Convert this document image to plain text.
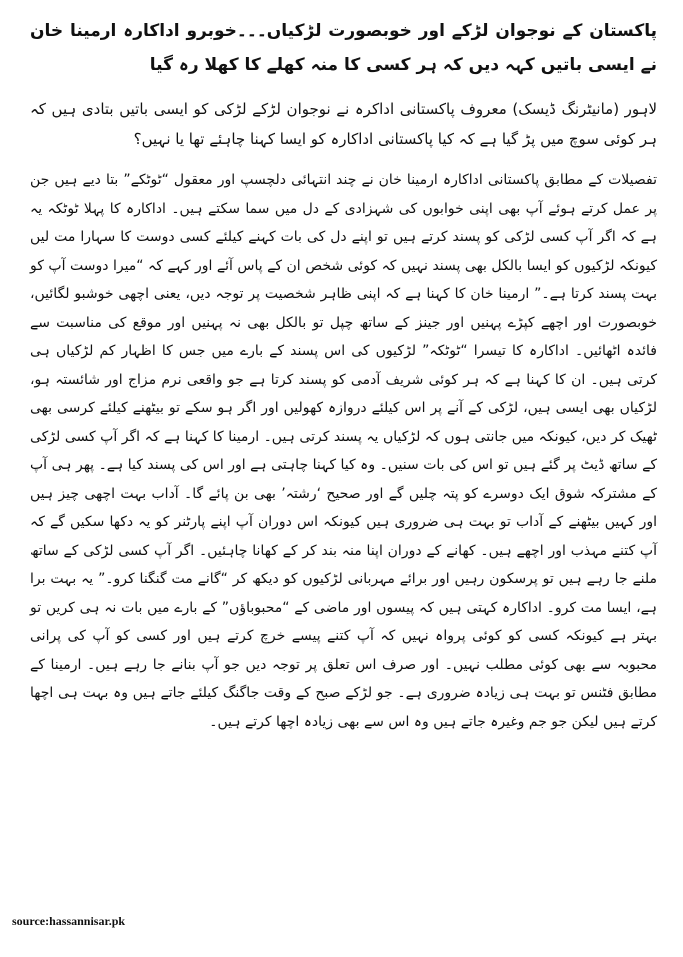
پاکستان کے نوجوان لڑکے اور خوبصورت لڑکیاں۔۔۔خوبرو اداکارہ ارمینا خان نے ایسی باتیں کہہ دیں کہ ہر کسی کا منہ کھلے کا کھلا رہ گیا

لاہور (مانیٹرنگ ڈیسک) معروف پاکستانی اداکرہ نے نوجوان لڑکے لڑکی کو ایسی باتیں بتادی ہیں کہ ہر کوئی سوچ میں پڑ گیا ہے کہ کیا پاکستانی اداکارہ کو ایسا کہنا چاہئے تھا یا نہیں؟

تفصیلات کے مطابق پاکستانی اداکارہ ارمینا خان نے چند انتہائی دلچسپ اور معقول “ٹوٹکے” بتا دیے ہیں جن پر عمل کرتے ہوئے آپ بھی اپنی خوابوں کی شہزادی کے دل میں سما سکتے ہیں۔ اداکارہ کا پہلا ٹوٹکہ یہ ہے کہ اگر آپ کسی لڑکی کو پسند کرتے ہیں تو اپنے دل کی بات کہنے کیلئے کسی دوست کا سہارا مت لیں کیونکہ لڑکیوں کو ایسا بالکل بھی پسند نہیں کہ کوئی شخص ان کے پاس آئے اور کہے کہ “میرا دوست آپ کو بہت پسند کرتا ہے۔” ارمینا خان کا کہنا ہے کہ اپنی ظاہر شخصیت پر توجہ دیں، یعنی اچھی خوشبو لگائیں، خوبصورت اور اچھے کپڑے پہنیں اور جینز کے ساتھ چپل تو بالکل بھی نہ پہنیں اور موقع کی مناسبت سے فائدہ اٹھائیں۔ اداکارہ کا تیسرا “ٹوٹکہ” لڑکیوں کی اس پسند کے بارے میں جس کا اظہار کم لڑکیاں ہی کرتی ہیں۔ ان کا کہنا ہے کہ ہر کوئی شریف آدمی کو پسند کرتا ہے جو واقعی نرم مزاج اور شائستہ ہو، لڑکیاں بھی ایسی ہیں، لڑکی کے آنے پر اس کیلئے دروازہ کھولیں اور اگر ہو سکے تو بیٹھنے کیلئے کرسی بھی ٹھیک کر دیں، کیونکہ میں جانتی ہوں کہ لڑکیاں یہ پسند کرتی ہیں۔ ارمینا کا کہنا ہے کہ اگر آپ کسی لڑکی کے ساتھ ڈیٹ پر گئے ہیں تو اس کی بات سنیں۔ وہ کیا کہنا چاہتی ہے اور اس کی پسند کیا ہے۔ پھر ہی آپ کے مشترکہ شوق ایک دوسرے کو پتہ چلیں گے اور صحیح ‘رشتہ’ بھی بن پائے گا۔ آداب بہت اچھی چیز ہیں اور کہیں بیٹھنے کے آداب تو بہت ہی ضروری ہیں کیونکہ اس دوران آپ اپنے پارٹنر کو یہ دکھا سکیں گے کہ آپ کتنے مہذب اور اچھے ہیں۔ کھانے کے دوران اپنا منہ بند کر کے کھانا چاہئیں۔ اگر آپ کسی لڑکی کے ساتھ ملنے جا رہے ہیں تو پرسکون رہیں اور برائے مہربانی لڑکیوں کو دیکھ کر “گانے مت گنگنا کرو۔” یہ بہت برا ہے، ایسا مت کرو۔ اداکارہ کہتی ہیں کہ پیسوں اور ماضی کے “محبوباؤں” کے بارے میں بات نہ ہی کریں تو بہتر ہے کیونکہ کسی کو کوئی پرواہ نہیں کہ آپ کتنے پیسے خرچ کرتے ہیں اور کسی کو آپ کی پرانی محبوبہ سے بھی کوئی مطلب نہیں۔ اور صرف اس تعلق پر توجہ دیں جو آپ بنانے جا رہے ہیں۔ ارمینا کے مطابق فٹنس تو بہت ہی زیادہ ضروری ہے۔ جو لڑکے صبح کے وقت جاگنگ کیلئے جاتے ہیں وہ بہت ہی اچھا کرتے ہیں لیکن جو جم وغیرہ جاتے ہیں وہ اس سے بھی زیادہ اچھا کرتے ہیں۔

source:hassannisar.pk
